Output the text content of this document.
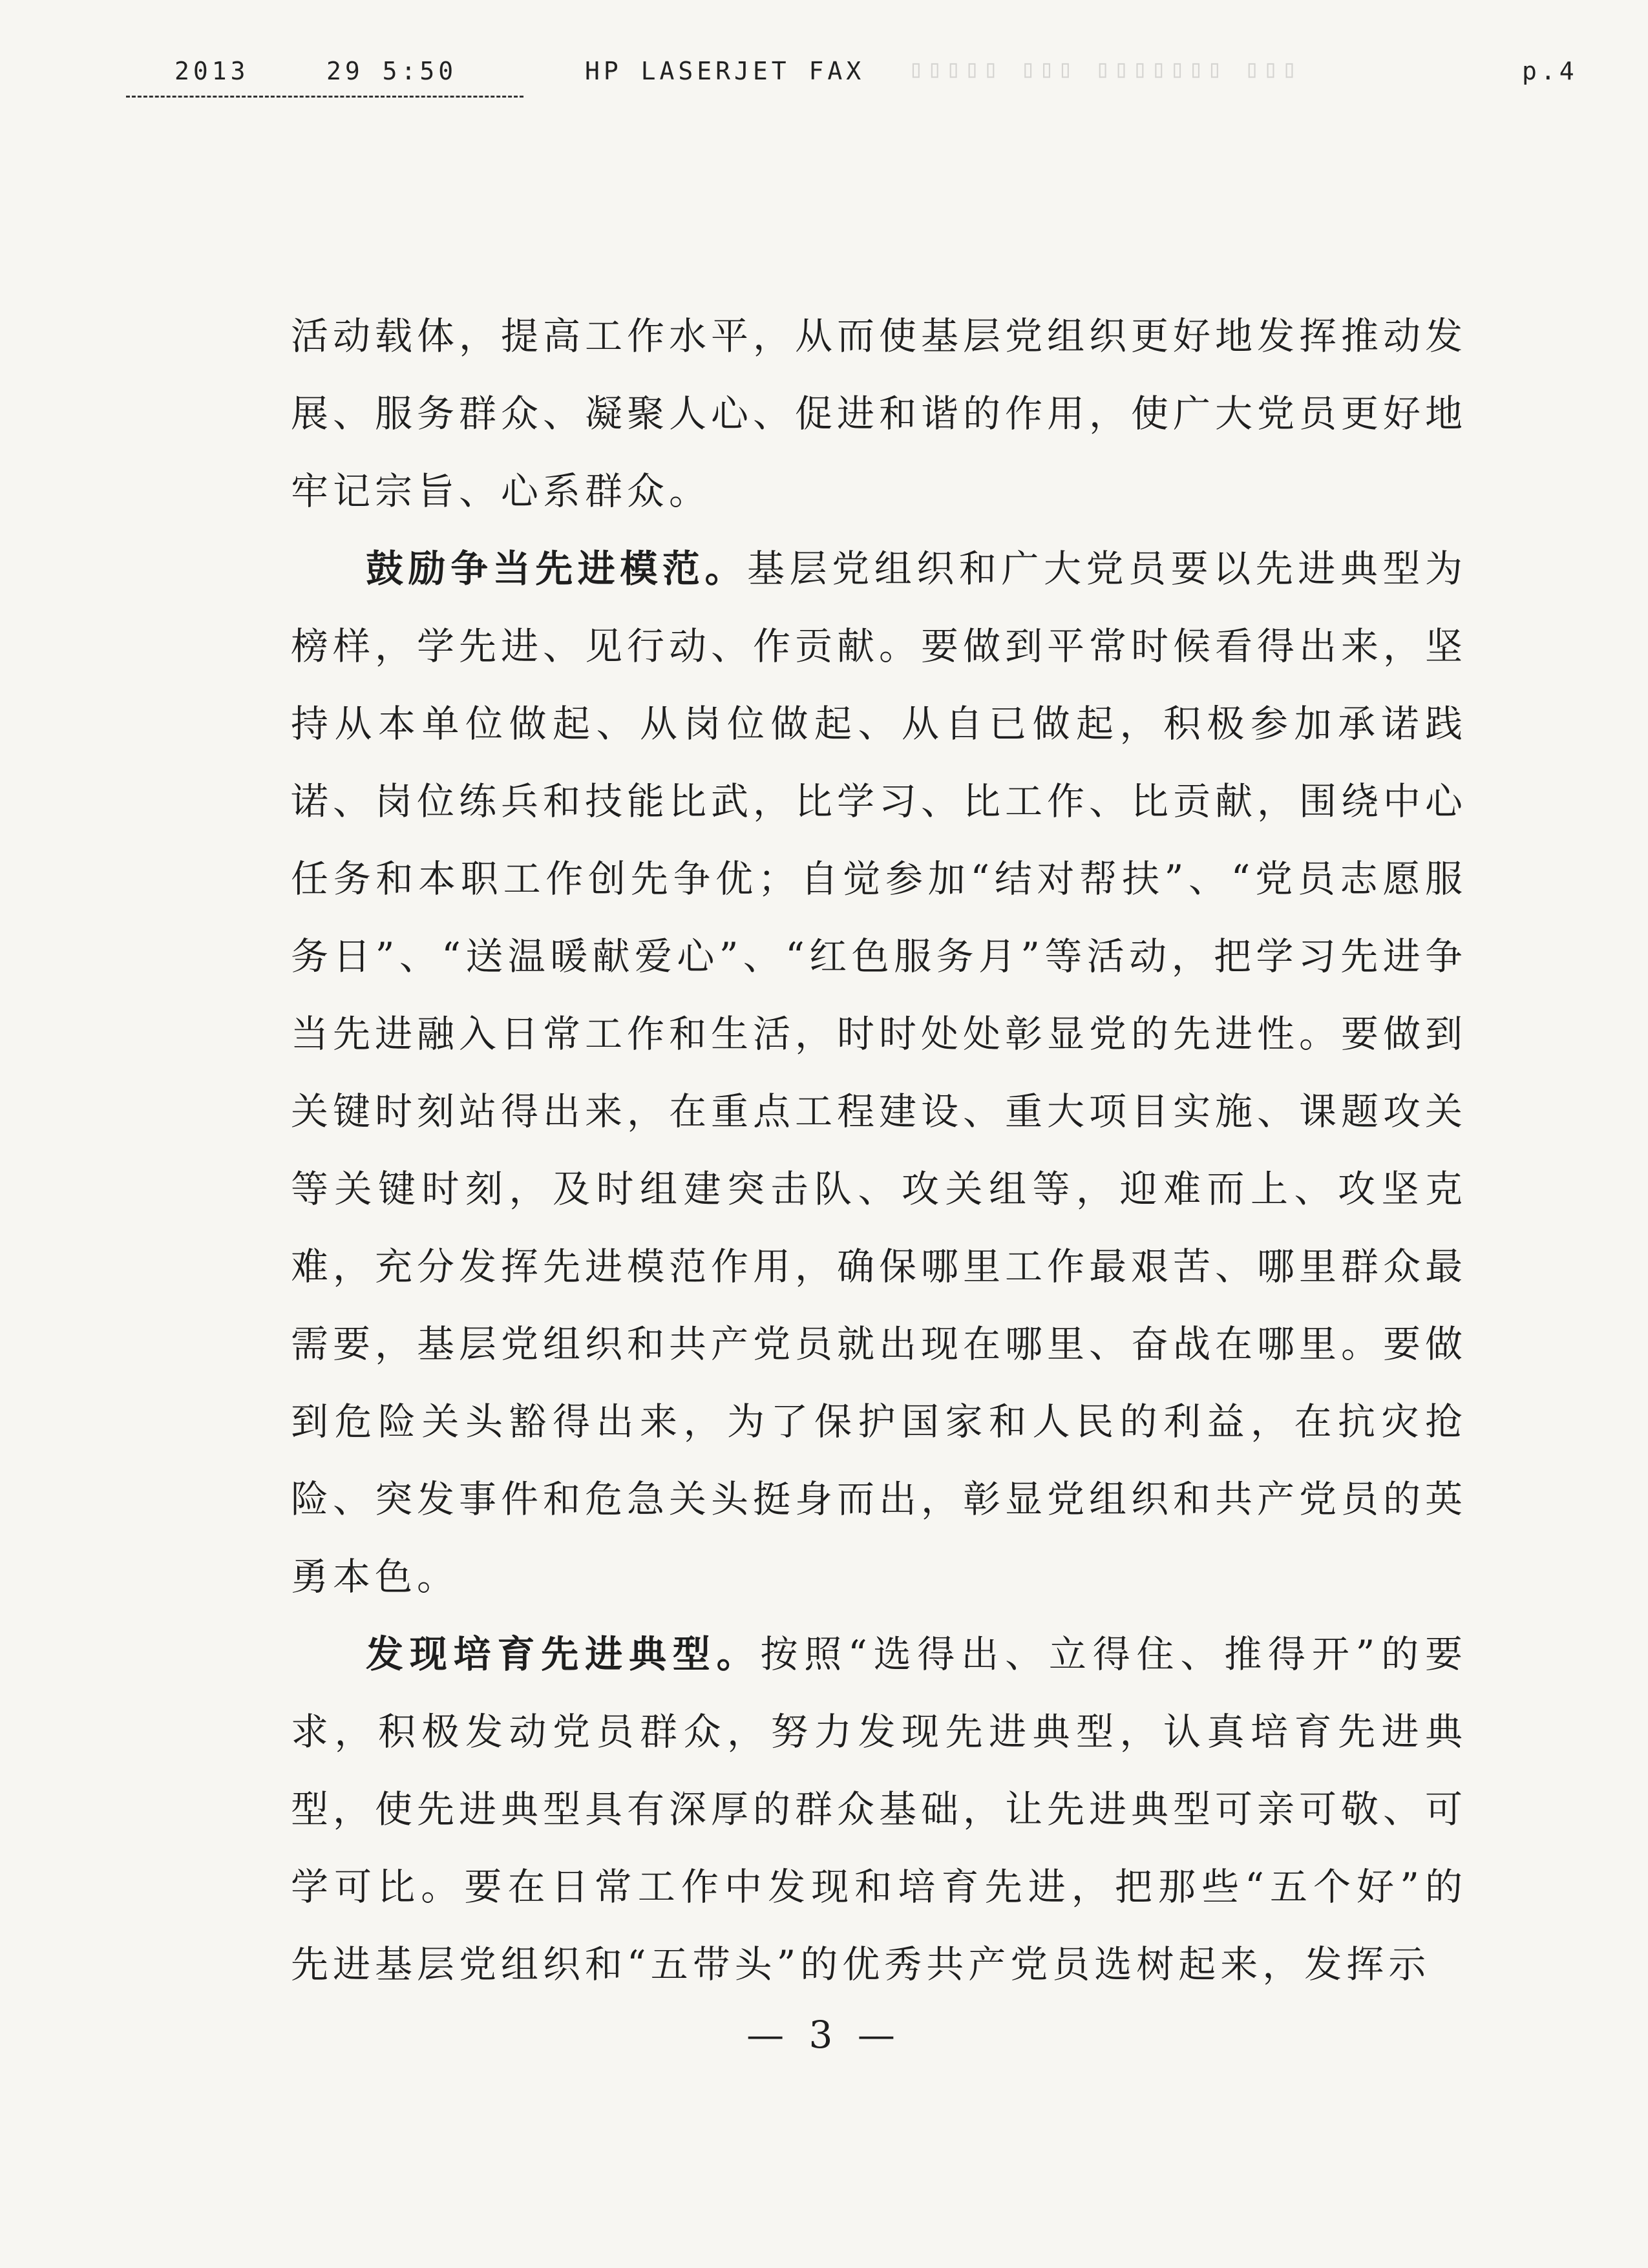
2013	29 5:50	HP LASERJET FAX	p.4
▯▯▯ ▯▯▯▯▯▯▯ ▯▯▯ ▯▯▯▯▯

活动载体，提高工作水平，从而使基层党组织更好地发挥推动发展、服务群众、凝聚人心、促进和谐的作用，使广大党员更好地牢记宗旨、心系群众。

鼓励争当先进模范。基层党组织和广大党员要以先进典型为榜样，学先进、见行动、作贡献。要做到平常时候看得出来，坚持从本单位做起、从岗位做起、从自已做起，积极参加承诺践诺、岗位练兵和技能比武，比学习、比工作、比贡献，围绕中心任务和本职工作创先争优；自觉参加“结对帮扶”、“党员志愿服务日”、“送温暖献爱心”、“红色服务月”等活动，把学习先进争当先进融入日常工作和生活，时时处处彰显党的先进性。要做到关键时刻站得出来，在重点工程建设、重大项目实施、课题攻关等关键时刻，及时组建突击队、攻关组等，迎难而上、攻坚克难，充分发挥先进模范作用，确保哪里工作最艰苦、哪里群众最需要，基层党组织和共产党员就出现在哪里、奋战在哪里。要做到危险关头豁得出来，为了保护国家和人民的利益，在抗灾抢险、突发事件和危急关头挺身而出，彰显党组织和共产党员的英勇本色。

发现培育先进典型。按照“选得出、立得住、推得开”的要求，积极发动党员群众，努力发现先进典型，认真培育先进典型，使先进典型具有深厚的群众基础，让先进典型可亲可敬、可学可比。要在日常工作中发现和培育先进，把那些“五个好”的先进基层党组织和“五带头”的优秀共产党员选树起来，发挥示

— 3 —
